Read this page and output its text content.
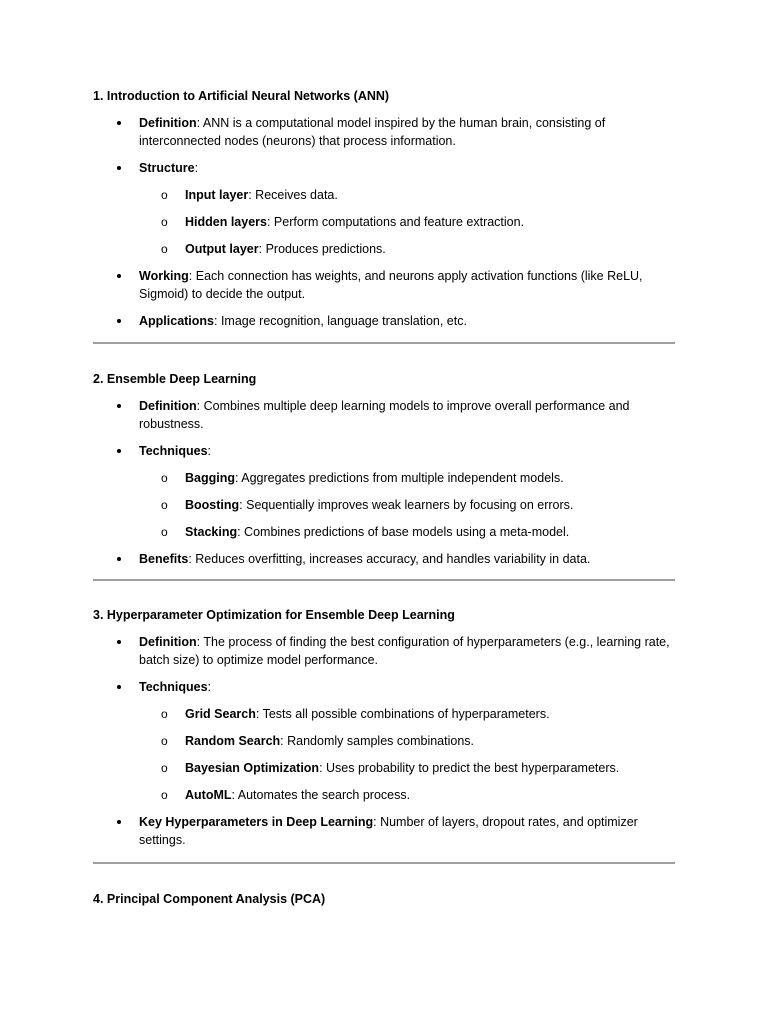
1. Introduction to Artificial Neural Networks (ANN)

Definition: ANN is a computational model inspired by the human brain, consisting of interconnected nodes (neurons) that process information.
Structure:
o Input layer: Receives data.
o Hidden layers: Perform computations and feature extraction.
o Output layer: Produces predictions.
Working: Each connection has weights, and neurons apply activation functions (like ReLU, Sigmoid) to decide the output.
Applications: Image recognition, language translation, etc.

2. Ensemble Deep Learning

Definition: Combines multiple deep learning models to improve overall performance and robustness.
Techniques:
o Bagging: Aggregates predictions from multiple independent models.
o Boosting: Sequentially improves weak learners by focusing on errors.
o Stacking: Combines predictions of base models using a meta-model.
Benefits: Reduces overfitting, increases accuracy, and handles variability in data.

3. Hyperparameter Optimization for Ensemble Deep Learning

Definition: The process of finding the best configuration of hyperparameters (e.g., learning rate, batch size) to optimize model performance.
Techniques:
o Grid Search: Tests all possible combinations of hyperparameters.
o Random Search: Randomly samples combinations.
o Bayesian Optimization: Uses probability to predict the best hyperparameters.
o AutoML: Automates the search process.
Key Hyperparameters in Deep Learning: Number of layers, dropout rates, and optimizer settings.

4. Principal Component Analysis (PCA)
